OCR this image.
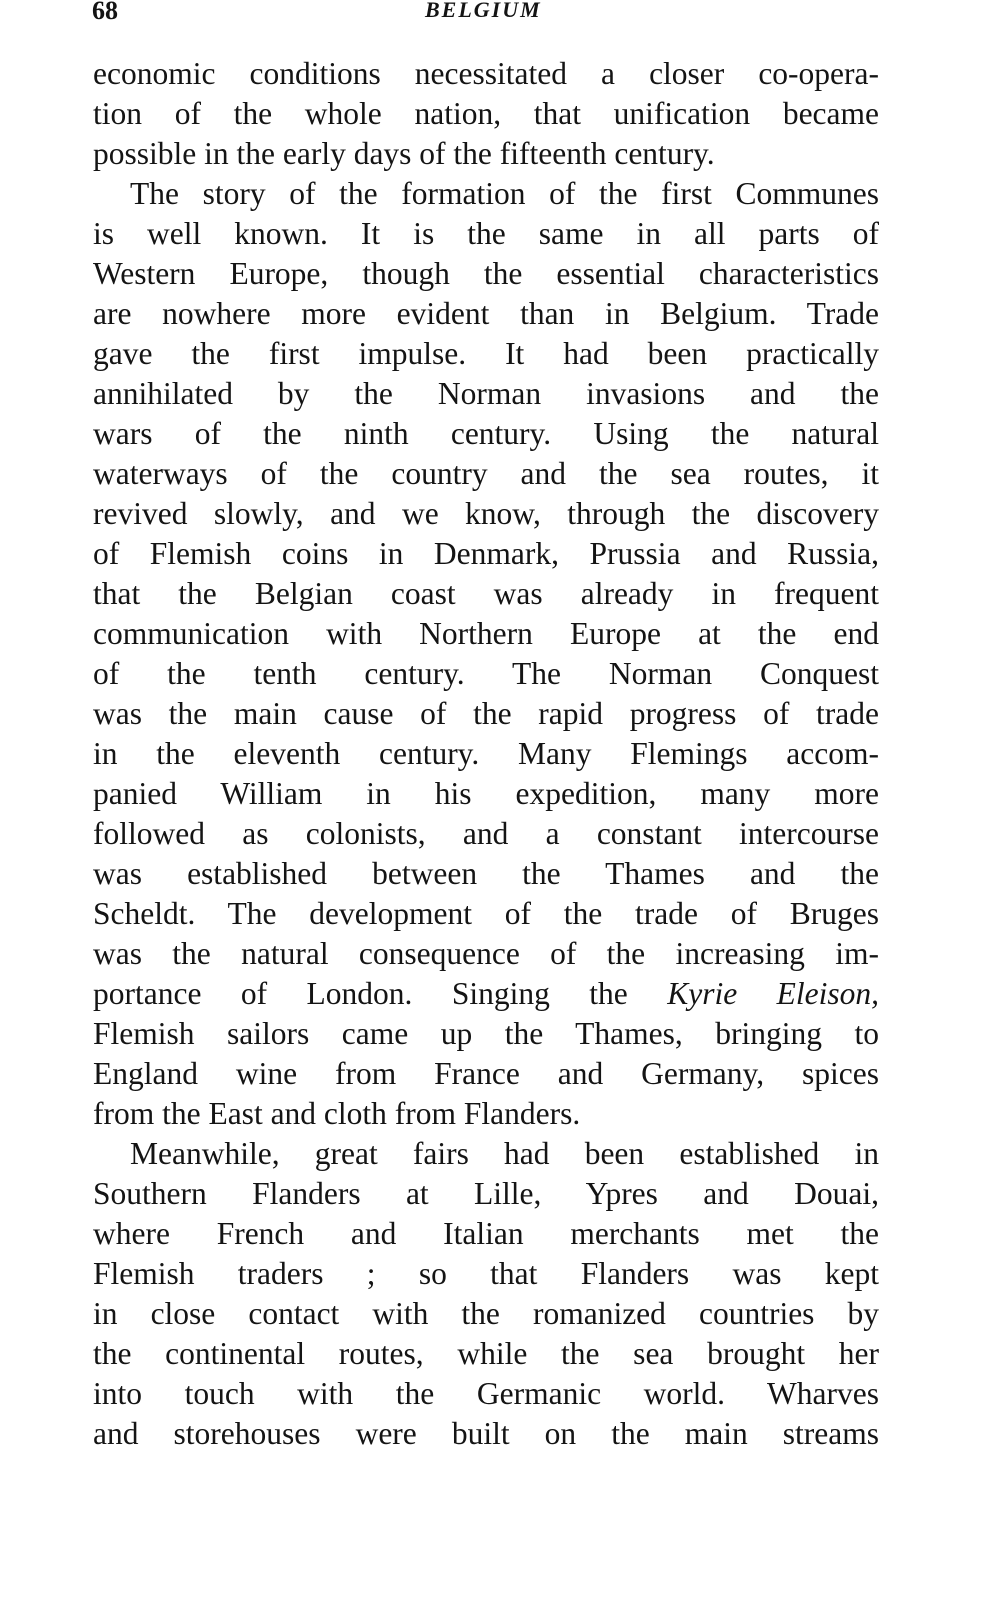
68	BELGIUM
economic conditions necessitated a closer co-opera-
tion of the whole nation, that unification became
possible in the early days of the fifteenth century.
The story of the formation of the first Communes
is well known. It is the same in all parts of
Western Europe, though the essential characteristics
are nowhere more evident than in Belgium. Trade
gave the first impulse. It had been practically
annihilated by the Norman invasions and the
wars of the ninth century. Using the natural
waterways of the country and the sea routes, it
revived slowly, and we know, through the discovery
of Flemish coins in Denmark, Prussia and Russia,
that the Belgian coast was already in frequent
communication with Northern Europe at the end
of the tenth century. The Norman Conquest
was the main cause of the rapid progress of trade
in the eleventh century. Many Flemings accom-
panied William in his expedition, many more
followed as colonists, and a constant intercourse
was established between the Thames and the
Scheldt. The development of the trade of Bruges
was the natural consequence of the increasing im-
portance of London. Singing the Kyrie Eleison,
Flemish sailors came up the Thames, bringing to
England wine from France and Germany, spices
from the East and cloth from Flanders.
Meanwhile, great fairs had been established in
Southern Flanders at Lille, Ypres and Douai,
where French and Italian merchants met the
Flemish traders ; so that Flanders was kept
in close contact with the romanized countries by
the continental routes, while the sea brought her
into touch with the Germanic world. Wharves
and storehouses were built on the main streams
